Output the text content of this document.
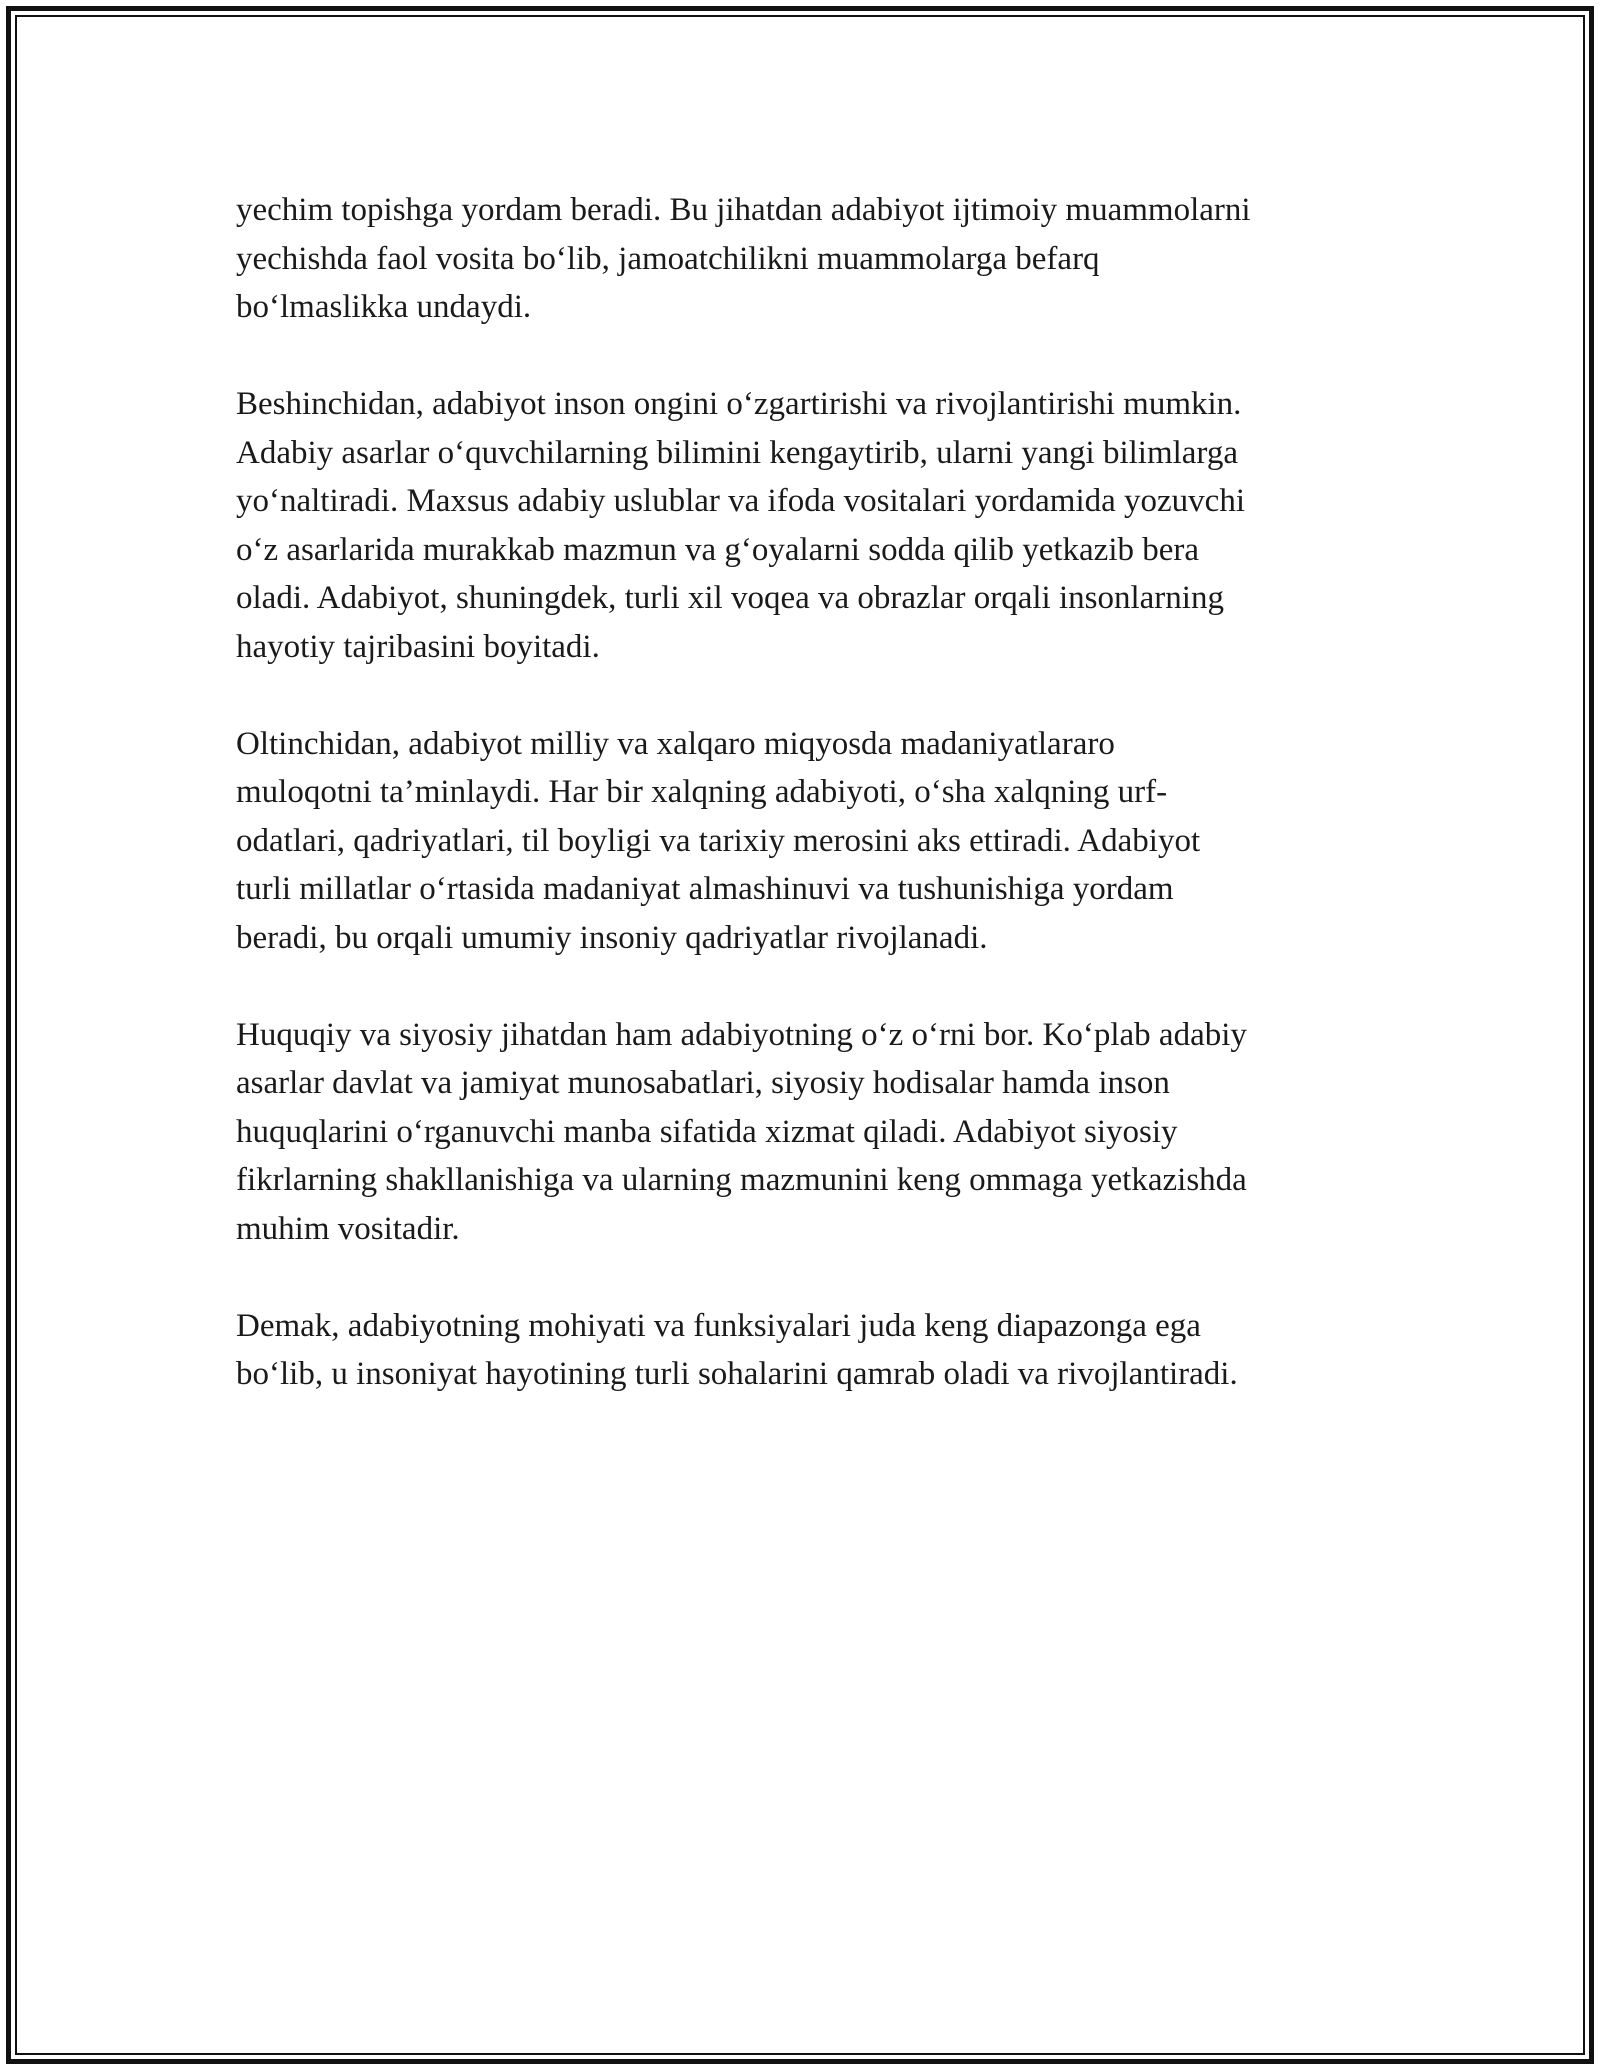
yechim topishga yordam beradi. Bu jihatdan adabiyot ijtimoiy muammolarni
yechishda faol vosita bo‘lib, jamoatchilikni muammolarga befarq
bo‘lmaslikka undaydi.

Beshinchidan, adabiyot inson ongini o‘zgartirishi va rivojlantirishi mumkin.
Adabiy asarlar o‘quvchilarning bilimini kengaytirib, ularni yangi bilimlarga
yo‘naltiradi. Maxsus adabiy uslublar va ifoda vositalari yordamida yozuvchi
o‘z asarlarida murakkab mazmun va g‘oyalarni sodda qilib yetkazib bera
oladi. Adabiyot, shuningdek, turli xil voqea va obrazlar orqali insonlarning
hayotiy tajribasini boyitadi.

Oltinchidan, adabiyot milliy va xalqaro miqyosda madaniyatlararo
muloqotni ta’minlaydi. Har bir xalqning adabiyoti, o‘sha xalqning urf-
odatlari, qadriyatlari, til boyligi va tarixiy merosini aks ettiradi. Adabiyot
turli millatlar o‘rtasida madaniyat almashinuvi va tushunishiga yordam
beradi, bu orqali umumiy insoniy qadriyatlar rivojlanadi.

Huquqiy va siyosiy jihatdan ham adabiyotning o‘z o‘rni bor. Ko‘plab adabiy
asarlar davlat va jamiyat munosabatlari, siyosiy hodisalar hamda inson
huquqlarini o‘rganuvchi manba sifatida xizmat qiladi. Adabiyot siyosiy
fikrlarning shakllanishiga va ularning mazmunini keng ommaga yetkazishda
muhim vositadir.

Demak, adabiyotning mohiyati va funksiyalari juda keng diapazonga ega
bo‘lib, u insoniyat hayotining turli sohalarini qamrab oladi va rivojlantiradi.
